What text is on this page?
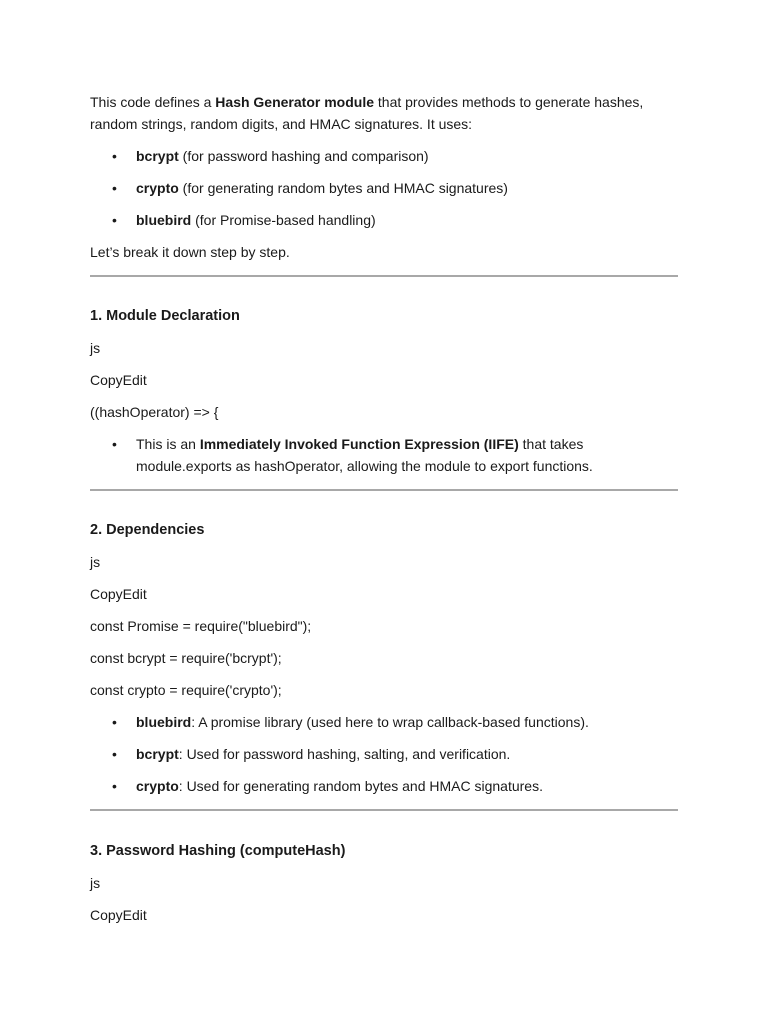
This code defines a Hash Generator module that provides methods to generate hashes, random strings, random digits, and HMAC signatures. It uses:

• bcrypt (for password hashing and comparison)
• crypto (for generating random bytes and HMAC signatures)
• bluebird (for Promise-based handling)

Let’s break it down step by step.

1. Module Declaration

js

CopyEdit

((hashOperator) => {

• This is an Immediately Invoked Function Expression (IIFE) that takes module.exports as hashOperator, allowing the module to export functions.
2. Dependencies

js

CopyEdit

const Promise = require("bluebird");

const bcrypt = require('bcrypt');

const crypto = require('crypto');

• bluebird: A promise library (used here to wrap callback-based functions).
• bcrypt: Used for password hashing, salting, and verification.
• crypto: Used for generating random bytes and HMAC signatures.
3. Password Hashing (computeHash)

js

CopyEdit
